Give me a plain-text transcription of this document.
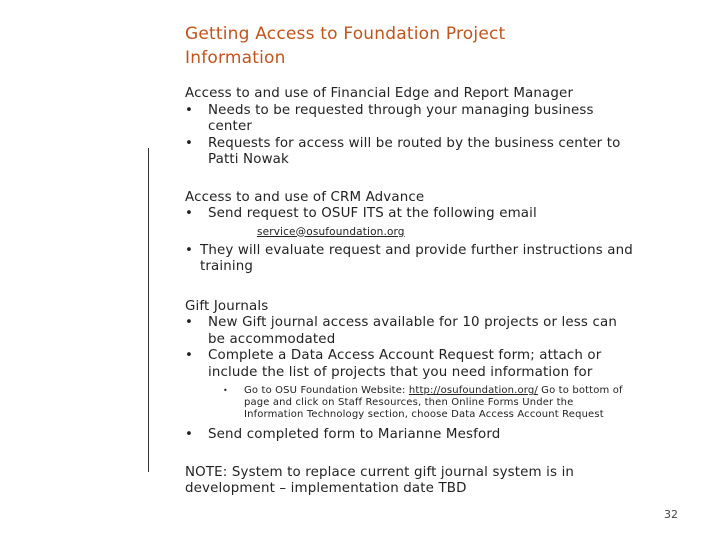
Getting Access to Foundation Project Information

Access to and use of Financial Edge and Report Manager

• Needs to be requested through your managing business center

• Requests for access will be routed by the business center to Patti Nowak

Access to and use of CRM Advance

• Send request to OSUF ITS at the following email

service@osufoundation.org

• They will evaluate request and provide further instructions and training

Gift Journals

• New Gift journal access available for 10 projects or less can be accommodated

• Complete a Data Access Account Request form; attach or include the list of projects that you need information for

• Go to OSU Foundation Website: http://osufoundation.org/ Go to bottom of page and click on Staff Resources, then Online Forms Under the Information Technology section, choose Data Access Account Request

• Send completed form to Marianne Mesford

NOTE: System to replace current gift journal system is in development – implementation date TBD

32
